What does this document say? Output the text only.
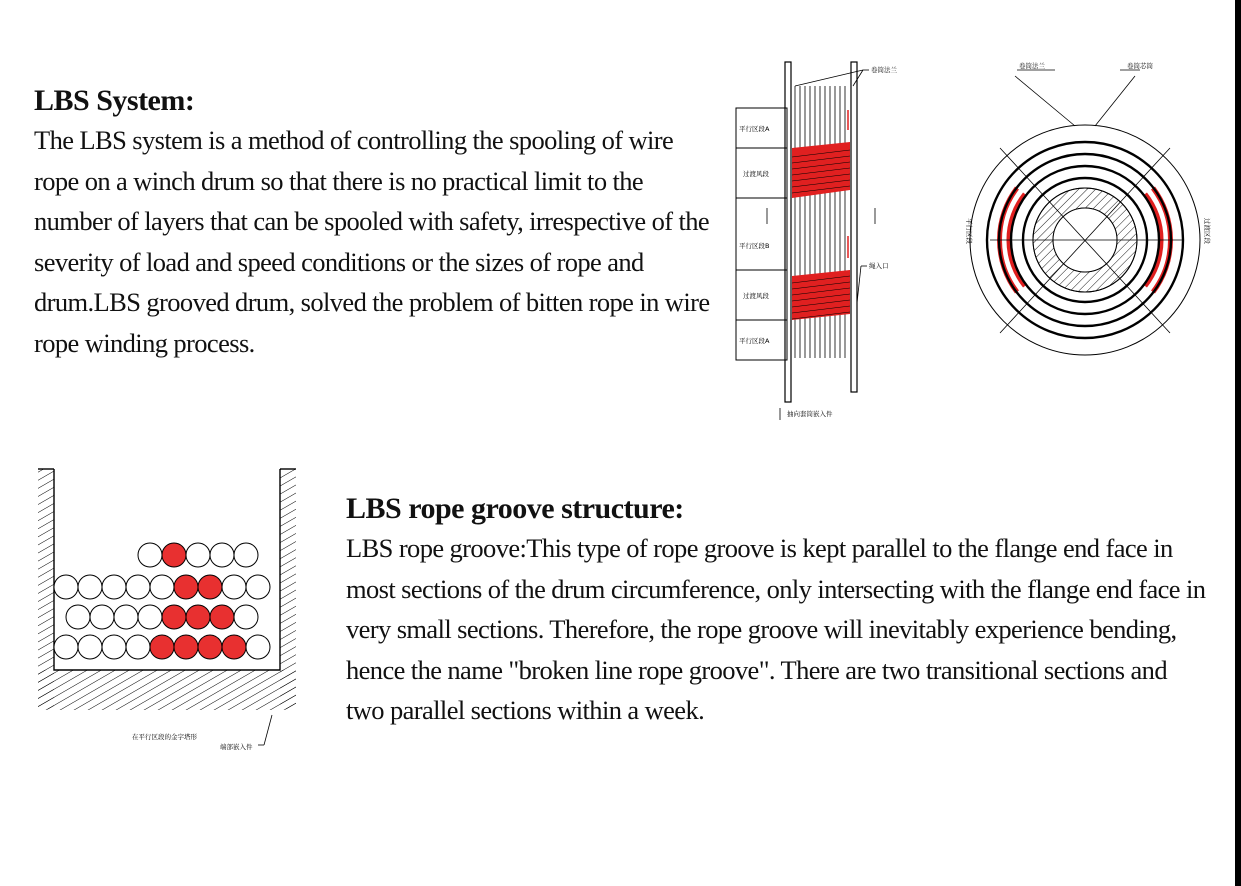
LBS System:

The LBS system is a method of controlling the spooling of wire rope on a winch drum so that there is no practical limit to the number of layers that can be spooled with safety, irrespective of the severity of load and speed conditions or the sizes of rope and drum.LBS grooved drum, solved the problem of bitten rope in wire rope winding process.

LBS rope groove structure:

LBS rope groove:This type of rope groove is kept parallel to the flange end face in most sections of the drum circumference, only intersecting with the flange end face in very small sections. Therefore, the rope groove will inevitably experience bending, hence the name "broken line rope groove". There are two transitional sections and two parallel sections within a week.

卷筒法兰
平行区段A
过渡风段
平行区段B
绳入口
过渡风段
平行区段A
抽向套筒嵌入件
卷筒法兰	卷筒芯筒
平行区段	过渡区段
在平行区段的金字塔形
端部嵌入件
